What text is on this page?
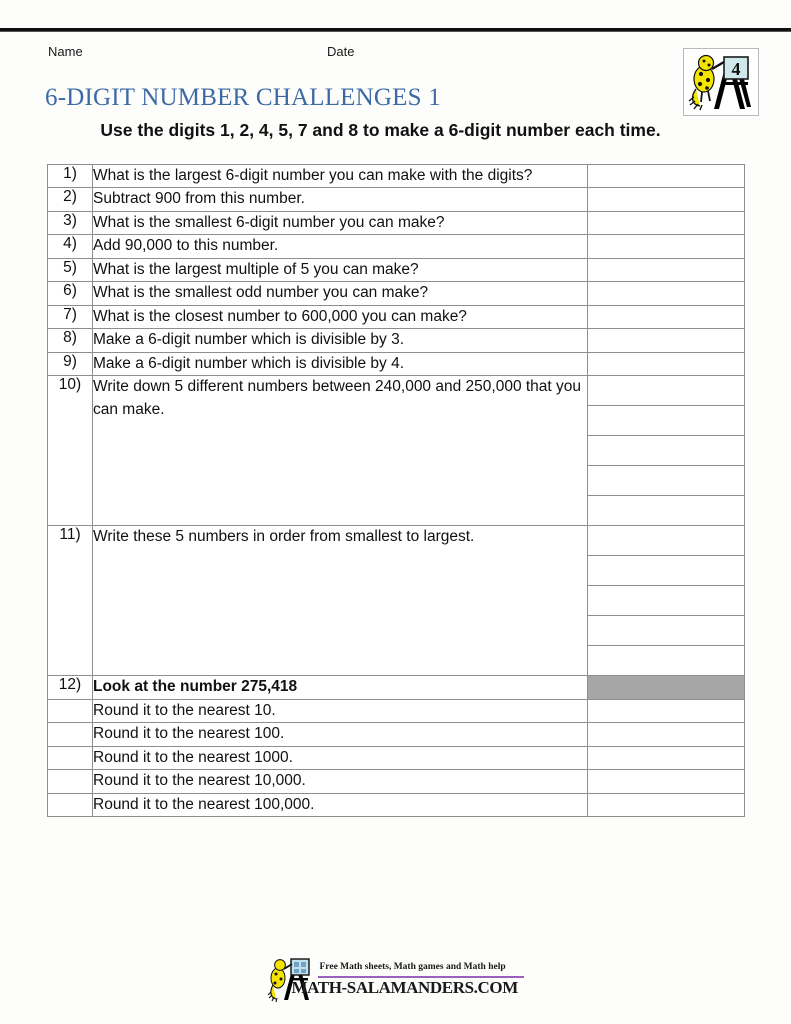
Name	Date
4
6-DIGIT NUMBER CHALLENGES 1
Use the digits 1, 2, 4, 5, 7 and 8 to make a 6-digit number each time.
1)	What is the largest 6-digit number you can make with the digits?	
2)	Subtract 900 from this number.	
3)	What is the smallest 6-digit number you can make?	
4)	Add 90,000 to this number.	
5)	What is the largest multiple of 5 you can make?	
6)	What is the smallest odd number you can make?	
7)	What is the closest number to 600,000 you can make?	
8)	Make a 6-digit number which is divisible by 3.	
9)	Make a 6-digit number which is divisible by 4.	
10)	Write down 5 different numbers between 240,000 and 250,000 that you can make.	

11)	Write these 5 numbers in order from smallest to largest.	

12)	Look at the number 275,418	
	Round it to the nearest 10.	
	Round it to the nearest 100.	
	Round it to the nearest 1000.	
	Round it to the nearest 10,000.	
	Round it to the nearest 100,000.	
Free Math sheets, Math games and Math help
MATH-SALAMANDERS.COM
